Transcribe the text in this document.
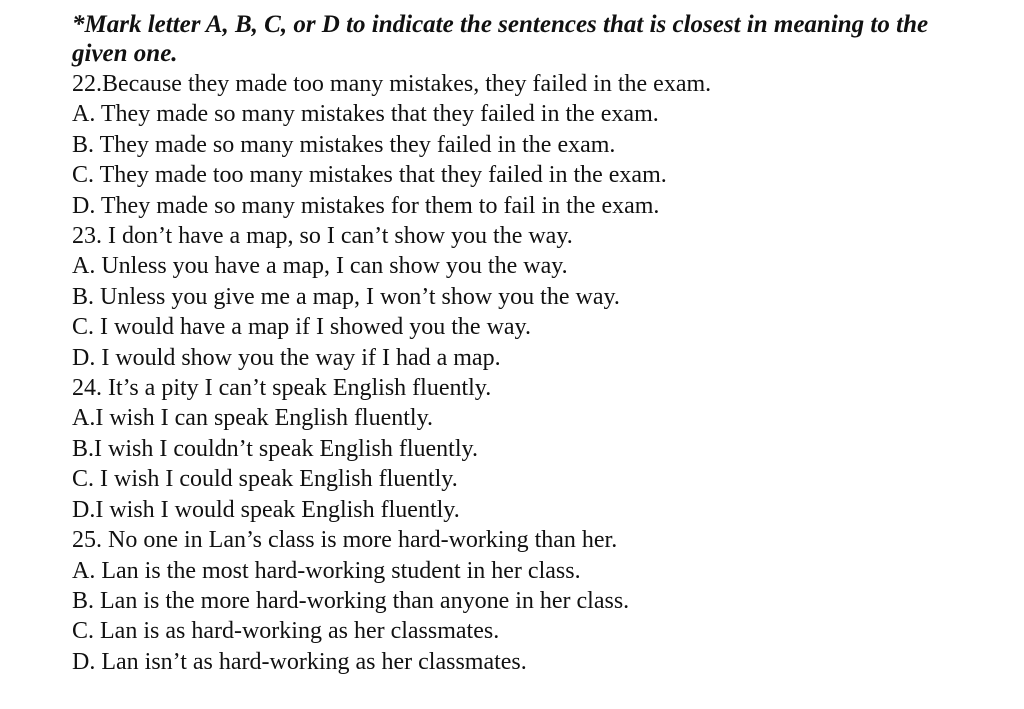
*Mark letter A, B, C, or D to indicate the sentences that is closest in meaning to the
given one.

22.Because they made too many mistakes, they failed in the exam.

A. They made so many mistakes that they failed in the exam.

B. They made so many mistakes they failed in the exam.

C. They made too many mistakes that they failed in the exam.

D. They made so many mistakes for them to fail in the exam.

23. I don’t have a map, so I can’t show you the way.

A. Unless you have a map, I can show you the way.

B. Unless you give me a map, I won’t show you the way.

C. I would have a map if I showed you the way.

D. I would show you the way if I had a map.

24. It’s a pity I can’t speak English fluently.

A.I wish I can speak English fluently.

B.I wish I couldn’t speak English fluently.

C. I wish I could speak English fluently.

D.I wish I would speak English fluently.

25. No one in Lan’s class is more hard-working than her.

A. Lan is the most hard-working student in her class.

B. Lan is the more hard-working than anyone in her class.

C. Lan is as hard-working as her classmates.

D. Lan isn’t as hard-working as her classmates.
